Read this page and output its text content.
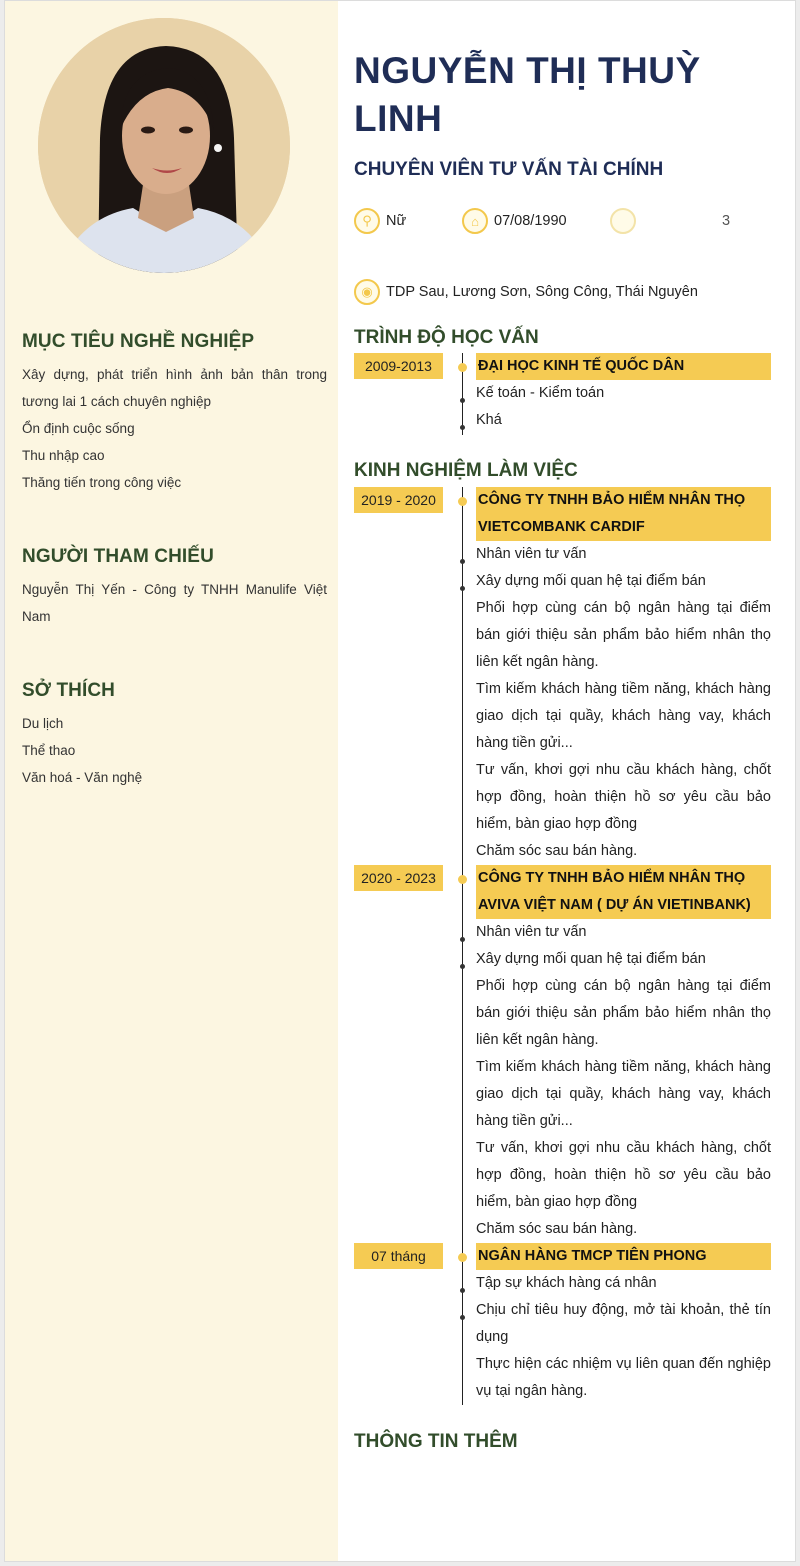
MỤC TIÊU NGHỀ NGHIỆP
Xây dựng, phát triển hình ảnh bản thân trong tương lai 1 cách chuyên nghiệp
Ổn định cuộc sống
Thu nhập cao
Thăng tiến trong công việc
NGƯỜI THAM CHIẾU
Nguyễn Thị Yến - Công ty TNHH Manulife Việt Nam
SỞ THÍCH
Du lịch
Thể thao
Văn hoá - Văn nghệ
NGUYỄN THỊ THUỲ LINH
CHUYÊN VIÊN TƯ VẤN TÀI CHÍNH
⚲ Nữ	⌂	07/08/1990	3
◉ TDP Sau, Lương Sơn, Sông Công, Thái Nguyên
TRÌNH ĐỘ HỌC VẤN
2009-2013	ĐẠI HỌC KINH TẾ QUỐC DÂN
Kế toán - Kiểm toán
Khá
KINH NGHIỆM LÀM VIỆC
2019 - 2020	CÔNG TY TNHH BẢO HIỂM NHÂN THỌ VIETCOMBANK CARDIF
Nhân viên tư vấn
Xây dựng mối quan hệ tại điểm bán
Phối hợp cùng cán bộ ngân hàng tại điểm bán giới thiệu sản phẩm bảo hiểm nhân thọ liên kết ngân hàng.
Tìm kiếm khách hàng tiềm năng, khách hàng giao dịch tại quầy, khách hàng vay, khách hàng tiền gửi...
Tư vấn, khơi gợi nhu cầu khách hàng, chốt hợp đồng, hoàn thiện hồ sơ yêu cầu bảo hiểm, bàn giao hợp đồng
Chăm sóc sau bán hàng.
2020 - 2023	CÔNG TY TNHH BẢO HIỂM NHÂN THỌ AVIVA VIỆT NAM ( DỰ ÁN VIETINBANK)
Nhân viên tư vấn
Xây dựng mối quan hệ tại điểm bán
Phối hợp cùng cán bộ ngân hàng tại điểm bán giới thiệu sản phẩm bảo hiểm nhân thọ liên kết ngân hàng.
Tìm kiếm khách hàng tiềm năng, khách hàng giao dịch tại quầy, khách hàng vay, khách hàng tiền gửi...
Tư vấn, khơi gợi nhu cầu khách hàng, chốt hợp đồng, hoàn thiện hồ sơ yêu cầu bảo hiểm, bàn giao hợp đồng
Chăm sóc sau bán hàng.
07 tháng	NGÂN HÀNG TMCP TIÊN PHONG
Tập sự khách hàng cá nhân
Chịu chỉ tiêu huy động, mở tài khoản, thẻ tín dụng
Thực hiện các nhiệm vụ liên quan đến nghiệp vụ tại ngân hàng.
THÔNG TIN THÊM
